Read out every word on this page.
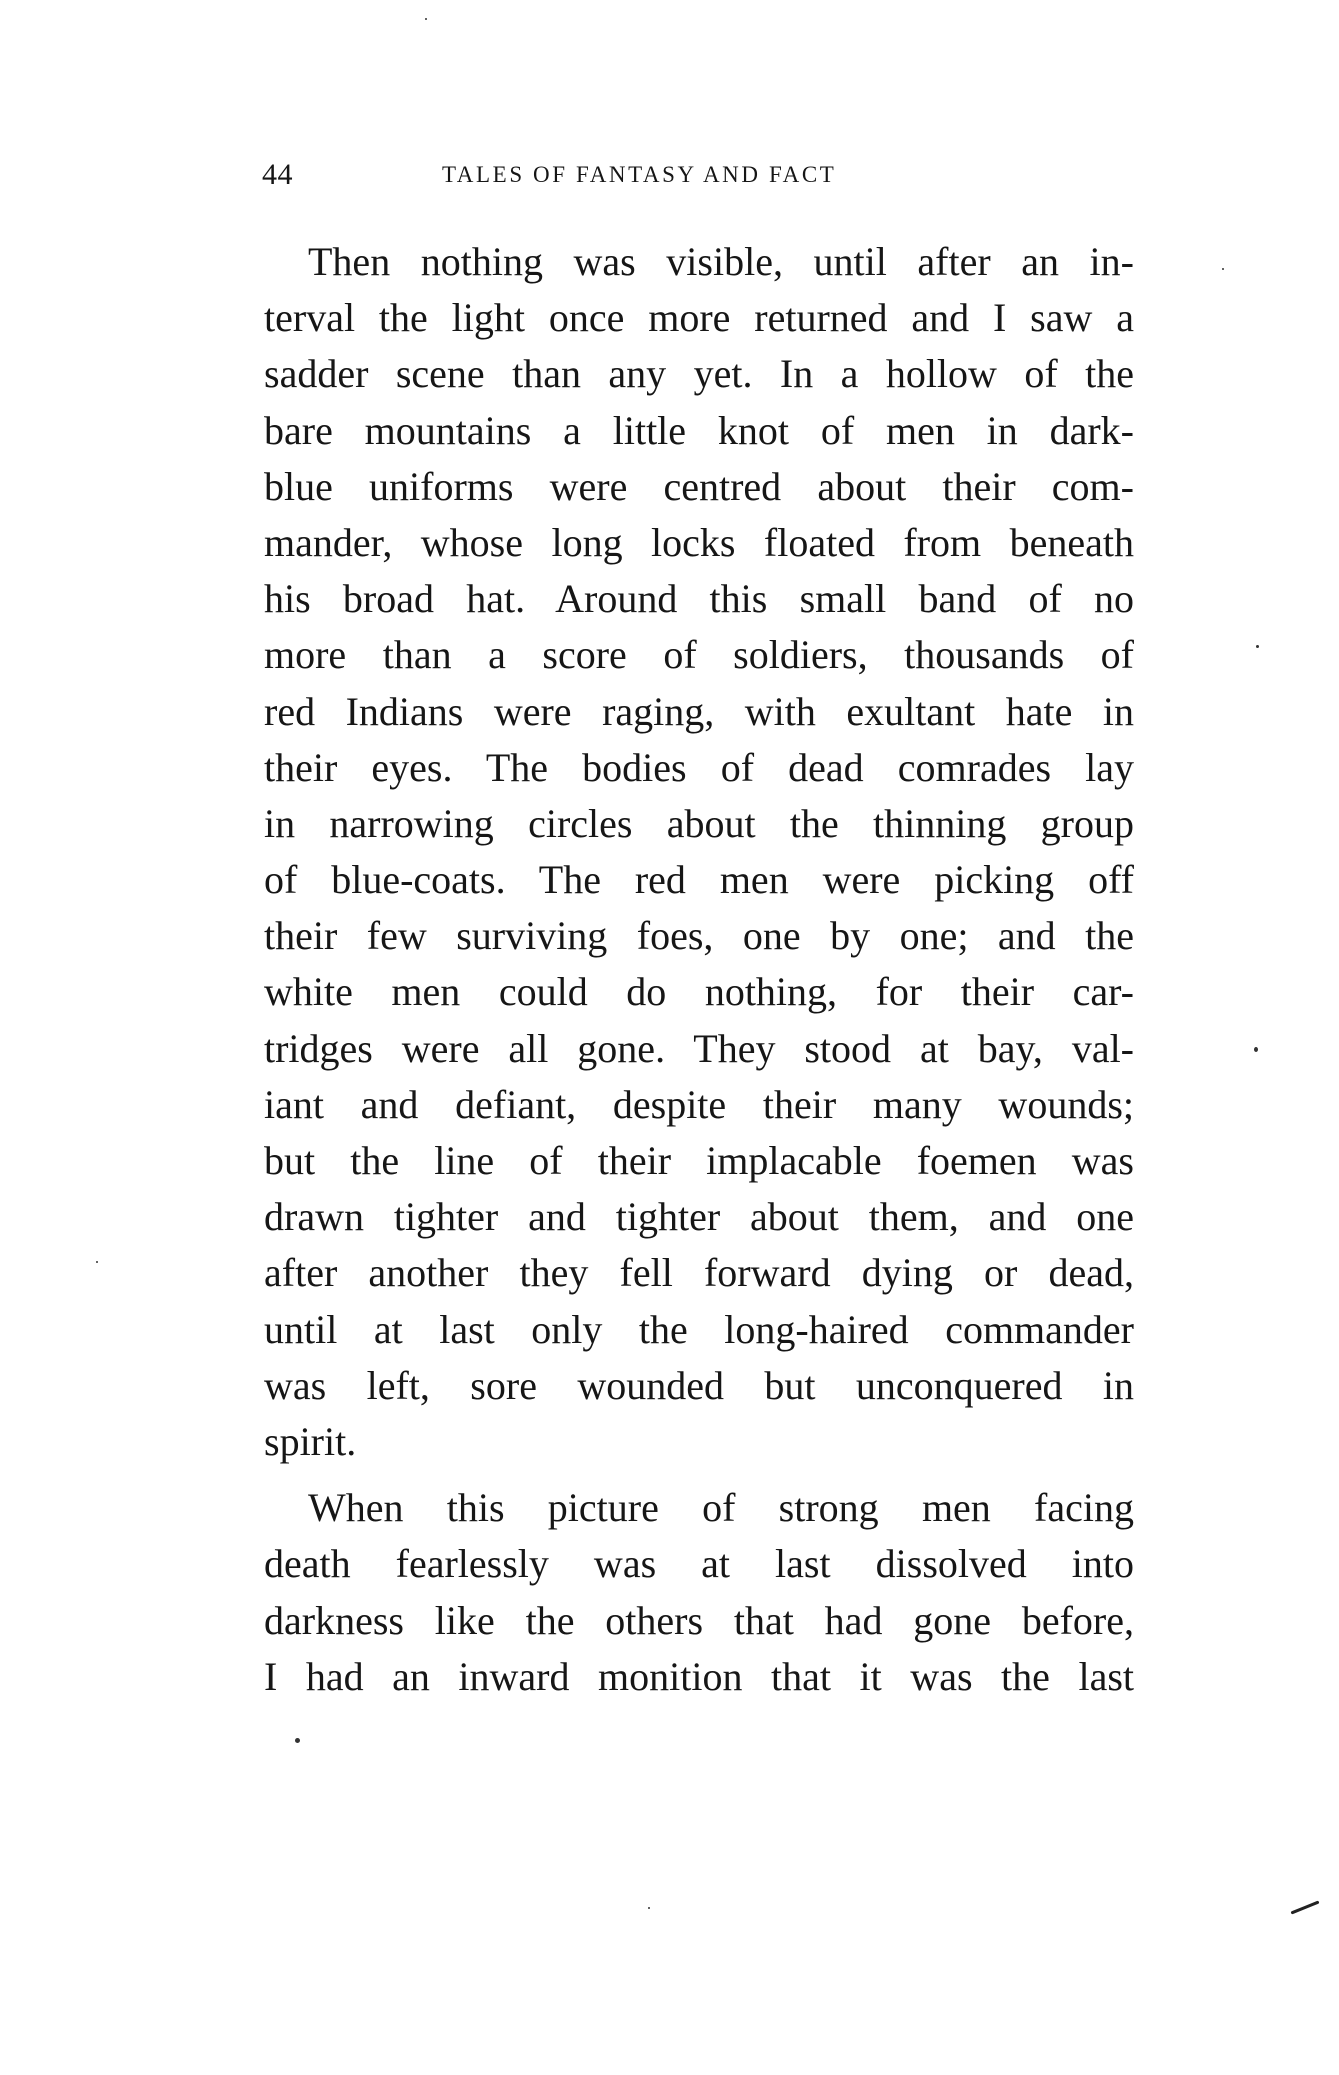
44	TALES OF FANTASY AND FACT
Then nothing was visible, until after an in-
terval the light once more returned and I saw a
sadder scene than any yet. In a hollow of the
bare mountains a little knot of men in dark-
blue uniforms were centred about their com-
mander, whose long locks floated from beneath
his broad hat. Around this small band of no
more than a score of soldiers, thousands of
red Indians were raging, with exultant hate in
their eyes. The bodies of dead comrades lay
in narrowing circles about the thinning group
of blue-coats. The red men were picking off
their few surviving foes, one by one; and the
white men could do nothing, for their car-
tridges were all gone. They stood at bay, val-
iant and defiant, despite their many wounds;
but the line of their implacable foemen was
drawn tighter and tighter about them, and one
after another they fell forward dying or dead,
until at last only the long-haired commander
was left, sore wounded but unconquered in
spirit.
When this picture of strong men facing
death fearlessly was at last dissolved into
darkness like the others that had gone before,
I had an inward monition that it was the last
